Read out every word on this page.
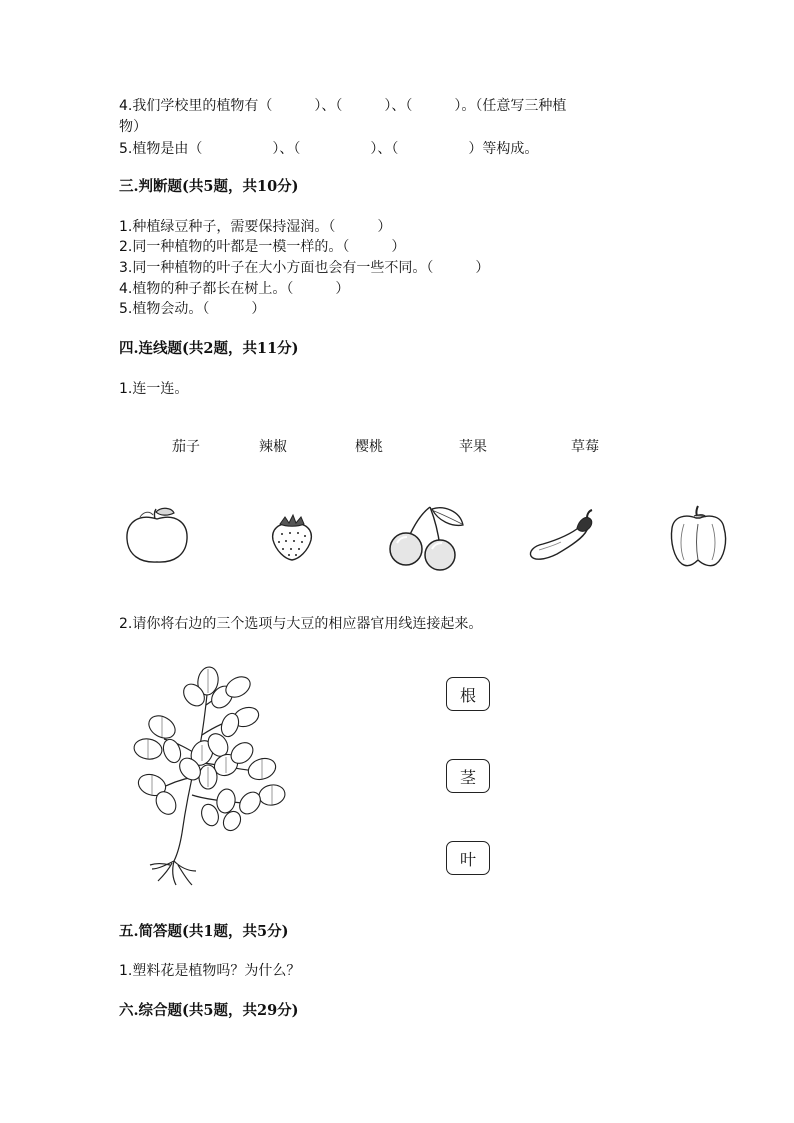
4.我们学校里的植物有（　　　）、（　　　）、（　　　）。（任意写三种植
物）
5.植物是由（　　　　　）、（　　　　　）、（　　　　　）等构成。
三.判断题(共5题，共10分)
1.种植绿豆种子，需要保持湿润。（　　　）
2.同一种植物的叶都是一模一样的。（　　　）
3.同一种植物的叶子在大小方面也会有一些不同。（　　　）
4.植物的种子都长在树上。（　　　）
5.植物会动。（　　　）
四.连线题(共2题，共11分)
1.连一连。
茄子	辣椒	樱桃	苹果	草莓
2.请你将右边的三个选项与大豆的相应器官用线连接起来。
根
茎
叶
五.简答题(共1题，共5分)
1.塑料花是植物吗？为什么？
六.综合题(共5题，共29分)
